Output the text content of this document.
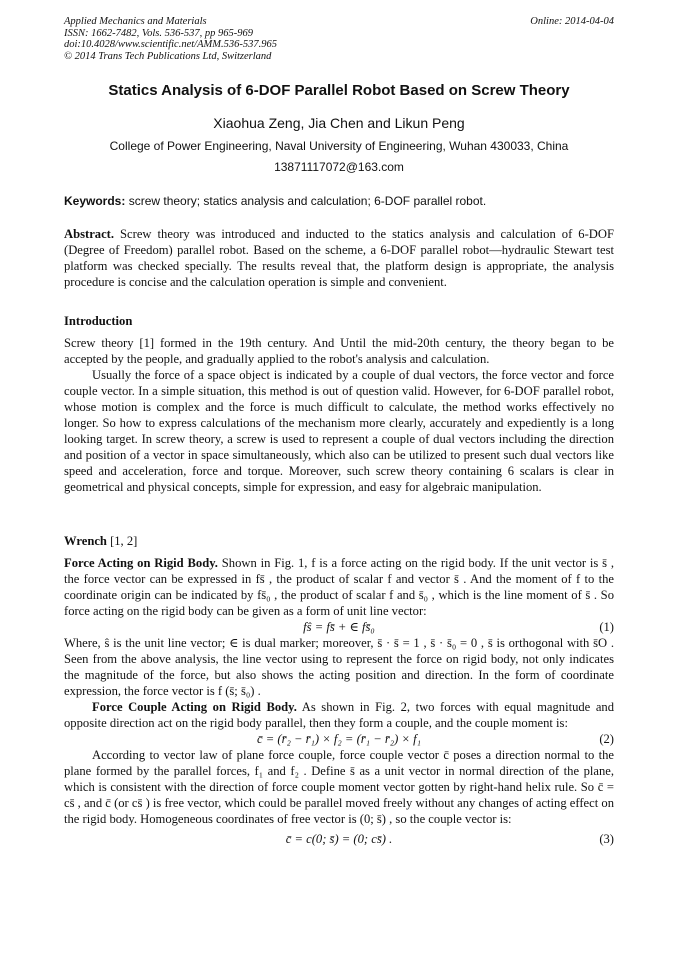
Applied Mechanics and Materials
ISSN: 1662-7482, Vols. 536-537, pp 965-969
doi:10.4028/www.scientific.net/AMM.536-537.965
© 2014 Trans Tech Publications Ltd, Switzerland
Online: 2014-04-04
Statics Analysis of 6-DOF Parallel Robot Based on Screw Theory
Xiaohua Zeng, Jia Chen and Likun Peng
College of Power Engineering, Naval University of Engineering, Wuhan 430033, China
13871117072@163.com
Keywords: screw theory; statics analysis and calculation; 6-DOF parallel robot.
Abstract. Screw theory was introduced and inducted to the statics analysis and calculation of 6-DOF (Degree of Freedom) parallel robot. Based on the scheme, a 6-DOF parallel robot—hydraulic Stewart test platform was checked specially. The results reveal that, the platform design is appropriate, the analysis procedure is concise and the calculation operation is simple and convenient.

Introduction

Screw theory [1] formed in the 19th century. And Until the mid-20th century, the theory began to be accepted by the people, and gradually applied to the robot's analysis and calculation.

Usually the force of a space object is indicated by a couple of dual vectors, the force vector and force couple vector. In a simple situation, this method is out of question valid. However, for 6-DOF parallel robot, whose motion is complex and the force is much difficult to calculate, the method works effectively no longer. So how to express calculations of the mechanism more clearly, accurately and expediently is a long looking target. In screw theory, a screw is used to represent a couple of dual vectors including the direction and position of a vector in space simultaneously, which also can be utilized to present such dual vectors like speed and acceleration, force and torque. Moreover, such screw theory containing 6 scalars is clear in geometrical and physical concepts, simple for expression, and easy for algebraic manipulation.

Wrench [1, 2]

Force Acting on Rigid Body. Shown in Fig. 1, f is a force acting on the rigid body. If the unit vector is s̄ , the force vector can be expressed in fs̄ , the product of scalar f and vector s̄ . And the moment of f to the coordinate origin can be indicated by fs̄₀ , the product of scalar f and s̄₀ , which is the line moment of s̄ . So force acting on the rigid body can be given as a form of unit line vector:

fŝ = fs̄ + ∈ fs̄₀	(1)

Where, ŝ is the unit line vector; ∈ is dual marker; moreover, s̄ · s̄ = 1 , s̄ · s̄₀ = 0 , s̄ is orthogonal with s̄O . Seen from the above analysis, the line vector using to represent the force on rigid body, not only indicates the magnitude of the force, but also shows the acting position and direction. In the form of coordinate expression, the force vector is f (s̄; s̄₀) .

Force Couple Acting on Rigid Body. As shown in Fig. 2, two forces with equal magnitude and opposite direction act on the rigid body parallel, then they form a couple, and the couple moment is:

c̄ = (r̄₂ − r̄₁) × f₂ = (r̄₁ − r̄₂) × f₁	(2)

According to vector law of plane force couple, force couple vector c̄ poses a direction normal to the plane formed by the parallel forces, f₁ and f₂ . Define s̄ as a unit vector in normal direction of the plane, which is consistent with the direction of force couple moment vector gotten by right-hand helix rule. So c̄ = cs̄ , and c̄ (or cs̄ ) is free vector, which could be parallel moved freely without any changes of acting effect on the rigid body. Homogeneous coordinates of free vector is (0; s̄) , so the couple vector is:

c̄ = c(0; s̄) = (0; cs̄) .	(3)
